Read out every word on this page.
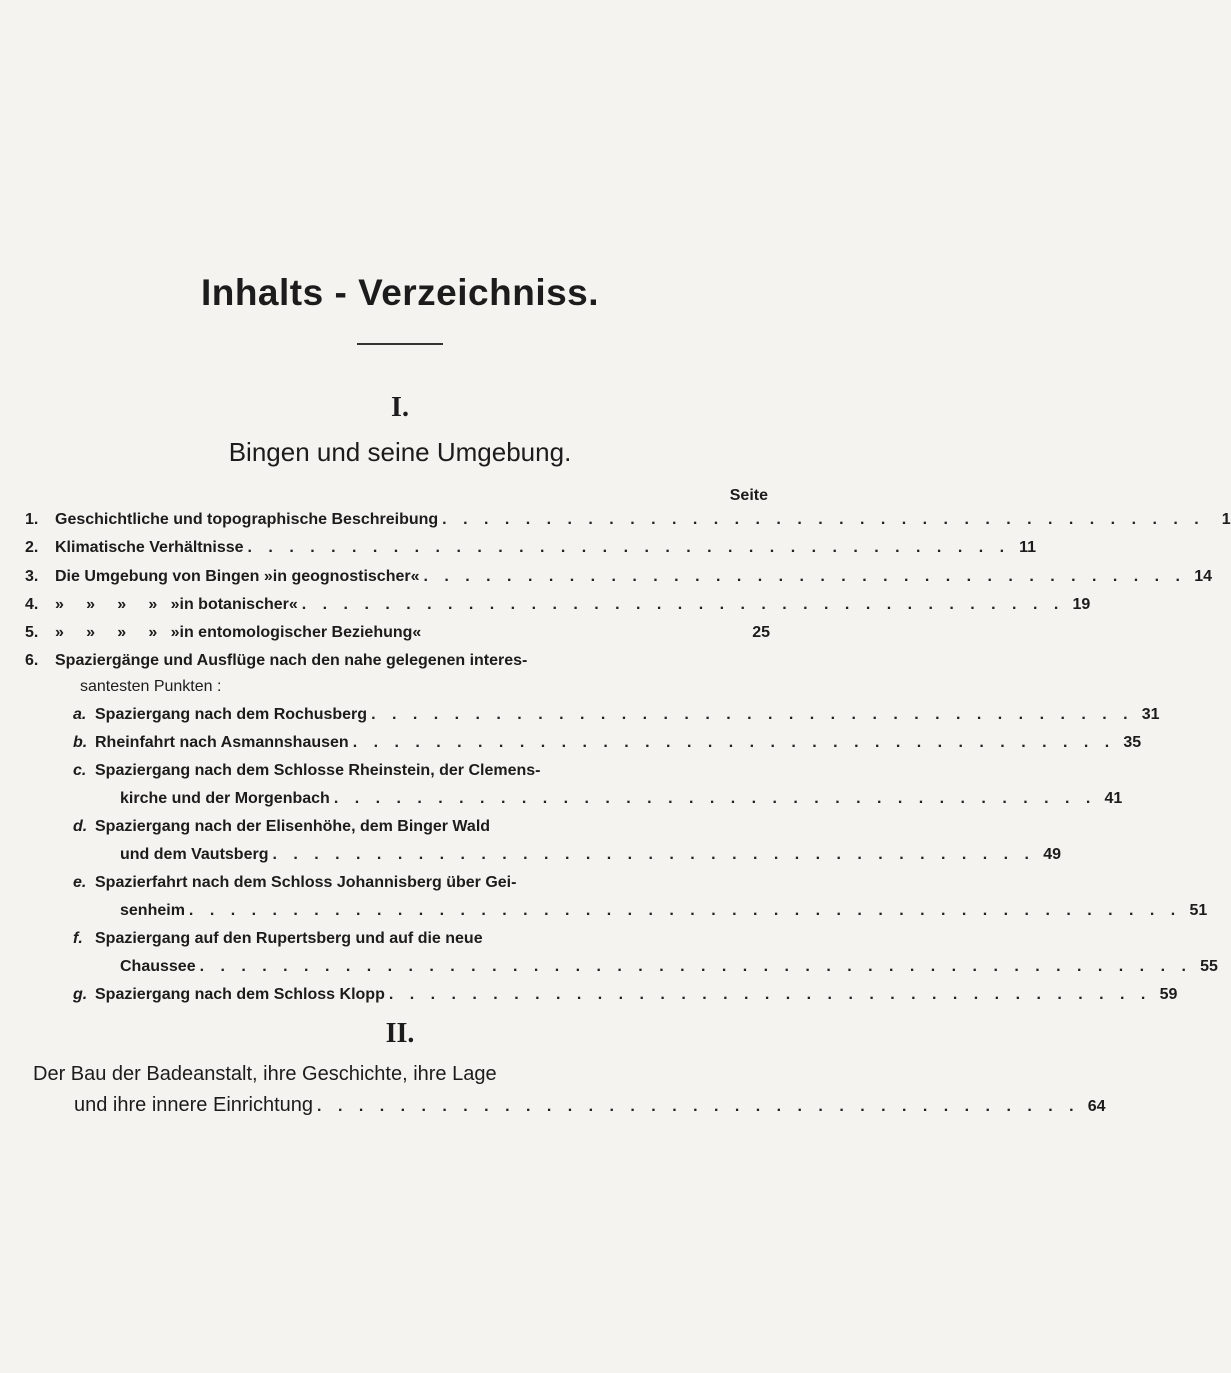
Inhalts - Verzeichniss.
I.
Bingen und seine Umgebung.
Seite
1. Geschichtliche und topographische Beschreibung . . . . . . . . . . . . . . . . . . . . . . . . . . . . . . . . . . . . .	1
2. Klimatische Verhältnisse . . . . . . . . . . . . . . . . . . . . . . . . . . . . . . . . . . . . . 11
3. Die Umgebung von Bingen »in geognostischer« . . . . . . . . . . . . . . . . . . . . . . . . . . . . . . . . . . . . . 14
4. »     »     »     »   »in botanischer« . . . . . . . . . . . . . . . . . . . . . . . . . . . . . . . . . . . . . 19
5. »     »     »     »   »in entomologischer Beziehung«	25
6. Spaziergänge und Ausflüge nach den nahe gelegenen interes-
santesten Punkten :
a. Spaziergang nach dem Rochusberg . . . . . . . . . . . . . . . . . . . . . . . . . . . . . . . . . . . . . 31
b. Rheinfahrt nach Asmannshausen . . . . . . . . . . . . . . . . . . . . . . . . . . . . . . . . . . . . . 35
c. Spaziergang nach dem Schlosse Rheinstein, der Clemens-
kirche und der Morgenbach . . . . . . . . . . . . . . . . . . . . . . . . . . . . . . . . . . . . . 41
d. Spaziergang nach der Elisenhöhe, dem Binger Wald
und dem Vautsberg . . . . . . . . . . . . . . . . . . . . . . . . . . . . . . . . . . . . . 49
e. Spazierfahrt nach dem Schloss Johannisberg über Gei-
senheim . . . . . . . . . . . . . . . . . . . . . . . . . . . . . . . . . . . . . . . . . . . . . . . . 51
f. Spaziergang auf den Rupertsberg und auf die neue
Chaussee . . . . . . . . . . . . . . . . . . . . . . . . . . . . . . . . . . . . . . . . . . . . . . . . 55
g. Spaziergang nach dem Schloss Klopp . . . . . . . . . . . . . . . . . . . . . . . . . . . . . . . . . . . . . 59
II.
Der Bau der Badeanstalt, ihre Geschichte, ihre Lage
und ihre innere Einrichtung . . . . . . . . . . . . . . . . . . . . . . . . . . . . . . . . . . . . . 64
